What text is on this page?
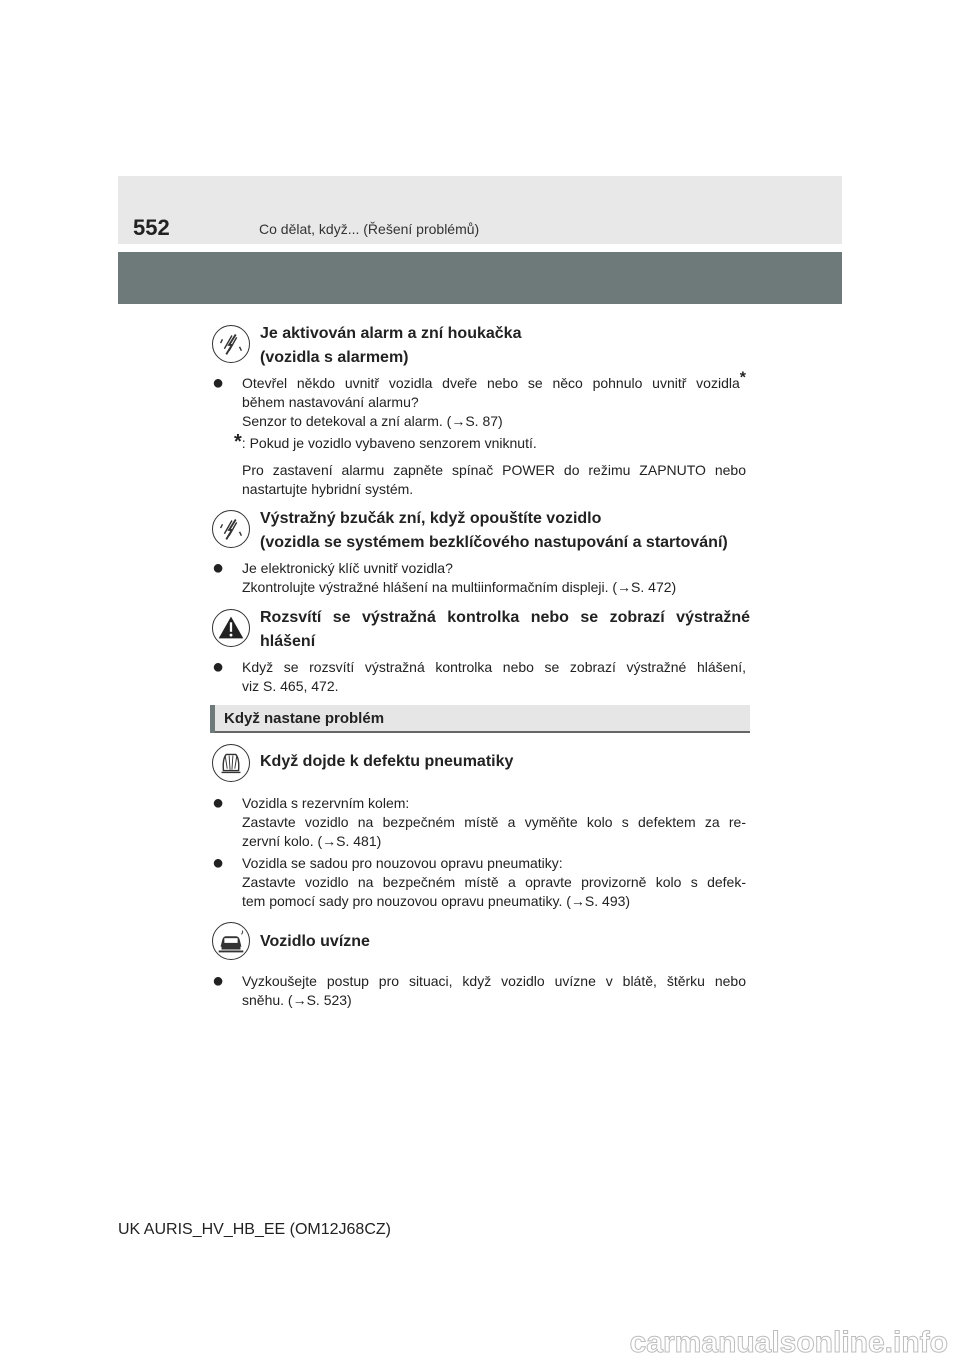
552	Co dělat, když... (Řešení problémů)
Je aktivován alarm a zní houkačka
(vozidla s alarmem)
● Otevřel někdo uvnitř vozidla dveře nebo se něco pohnulo uvnitř vozidla*
během nastavování alarmu?
Senzor to detekoval a zní alarm. (→S. 87)
*: Pokud je vozidlo vybaveno senzorem vniknutí.
Pro zastavení alarmu zapněte spínač POWER do režimu ZAPNUTO nebo
nastartujte hybridní systém.
Výstražný bzučák zní, když opouštíte vozidlo
(vozidla se systémem bezklíčového nastupování a startování)
● Je elektronický klíč uvnitř vozidla?
Zkontrolujte výstražné hlášení na multiinformačním displeji. (→S. 472)
Rozsvítí se výstražná kontrolka nebo se zobrazí výstražné
hlášení
● Když se rozsvítí výstražná kontrolka nebo se zobrazí výstražné hlášení,
viz S. 465, 472.
Když nastane problém
Když dojde k defektu pneumatiky
● Vozidla s rezervním kolem:
Zastavte vozidlo na bezpečném místě a vyměňte kolo s defektem za re-
zervní kolo. (→S. 481)
● Vozidla se sadou pro nouzovou opravu pneumatiky:
Zastavte vozidlo na bezpečném místě a opravte provizorně kolo s defek-
tem pomocí sady pro nouzovou opravu pneumatiky. (→S. 493)
Vozidlo uvízne
● Vyzkoušejte postup pro situaci, když vozidlo uvízne v blátě, štěrku nebo
sněhu. (→S. 523)
UK AURIS_HV_HB_EE (OM12J68CZ)
carmanualsonline.info
